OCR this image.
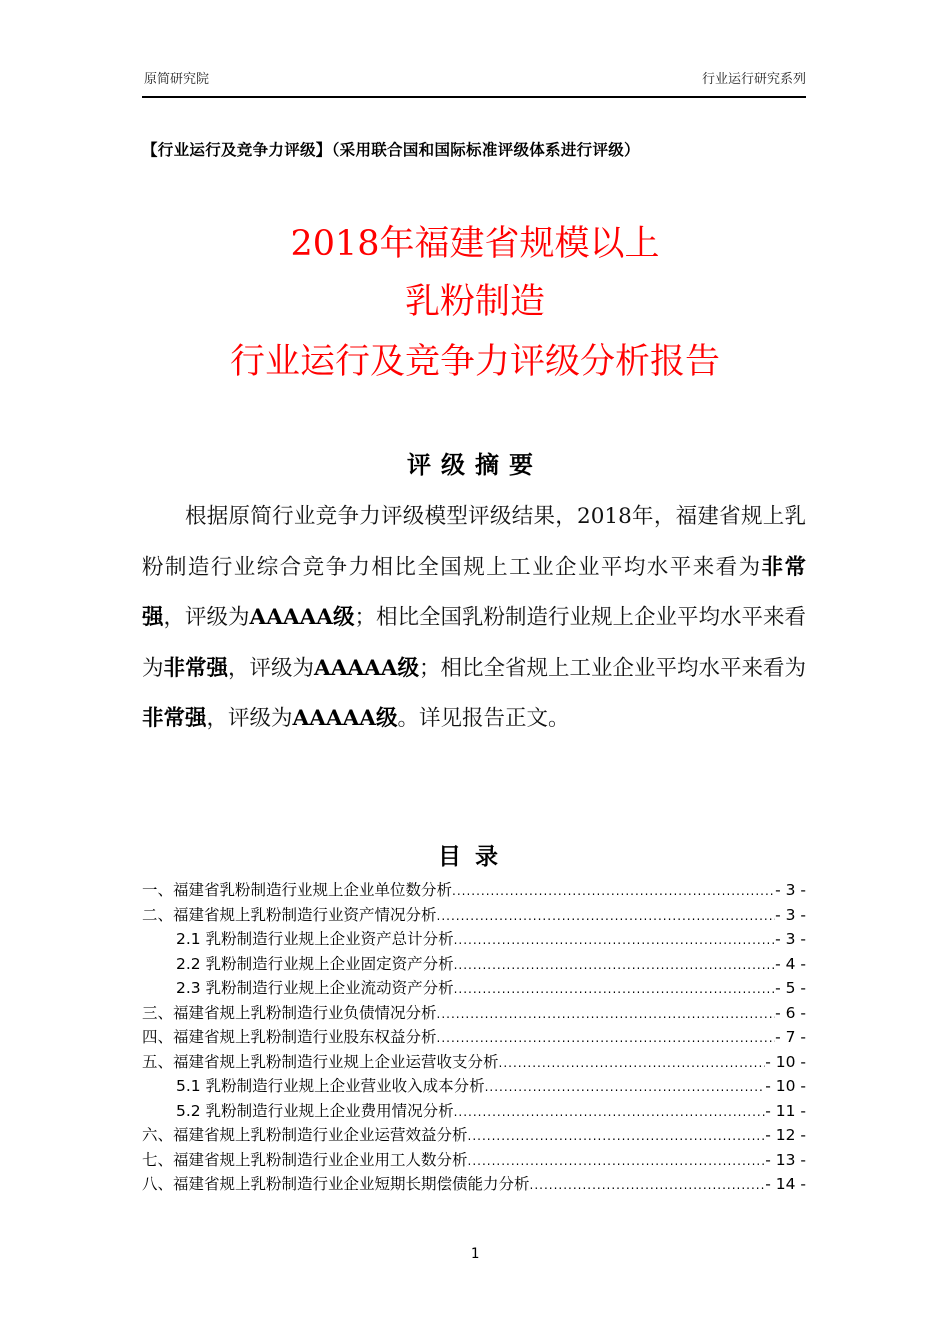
原简研究院	行业运行研究系列
【行业运行及竞争力评级】（采用联合国和国际标准评级体系进行评级）
2018年福建省规模以上
乳粉制造
行业运行及竞争力评级分析报告
评级摘要

根据原简行业竞争力评级模型评级结果，2018年，福建省规上乳粉制造行业综合竞争力相比全国规上工业企业平均水平来看为非常强，评级为AAAAA级；相比全国乳粉制造行业规上企业平均水平来看为非常强，评级为AAAAA级；相比全省规上工业企业平均水平来看为非常强，评级为AAAAA级。详见报告正文。

目录
一、福建省乳粉制造行业规上企业单位数分析 .....	- 3 -
二、福建省规上乳粉制造行业资产情况分析 .....	- 3 -
2.1 乳粉制造行业规上企业资产总计分析 .....	- 3 -
2.2 乳粉制造行业规上企业固定资产分析 .....	- 4 -
2.3 乳粉制造行业规上企业流动资产分析 .....	- 5 -
三、福建省规上乳粉制造行业负债情况分析 .....	- 6 -
四、福建省规上乳粉制造行业股东权益分析 .....	- 7 -
五、福建省规上乳粉制造行业规上企业运营收支分析 .....	- 10 -
5.1 乳粉制造行业规上企业营业收入成本分析 .....	- 10 -
5.2 乳粉制造行业规上企业费用情况分析 .....	- 11 -
六、福建省规上乳粉制造行业企业运营效益分析 .....	- 12 -
七、福建省规上乳粉制造行业企业用工人数分析 .....	- 13 -
八、福建省规上乳粉制造行业企业短期长期偿债能力分析 .....	- 14 -
1
